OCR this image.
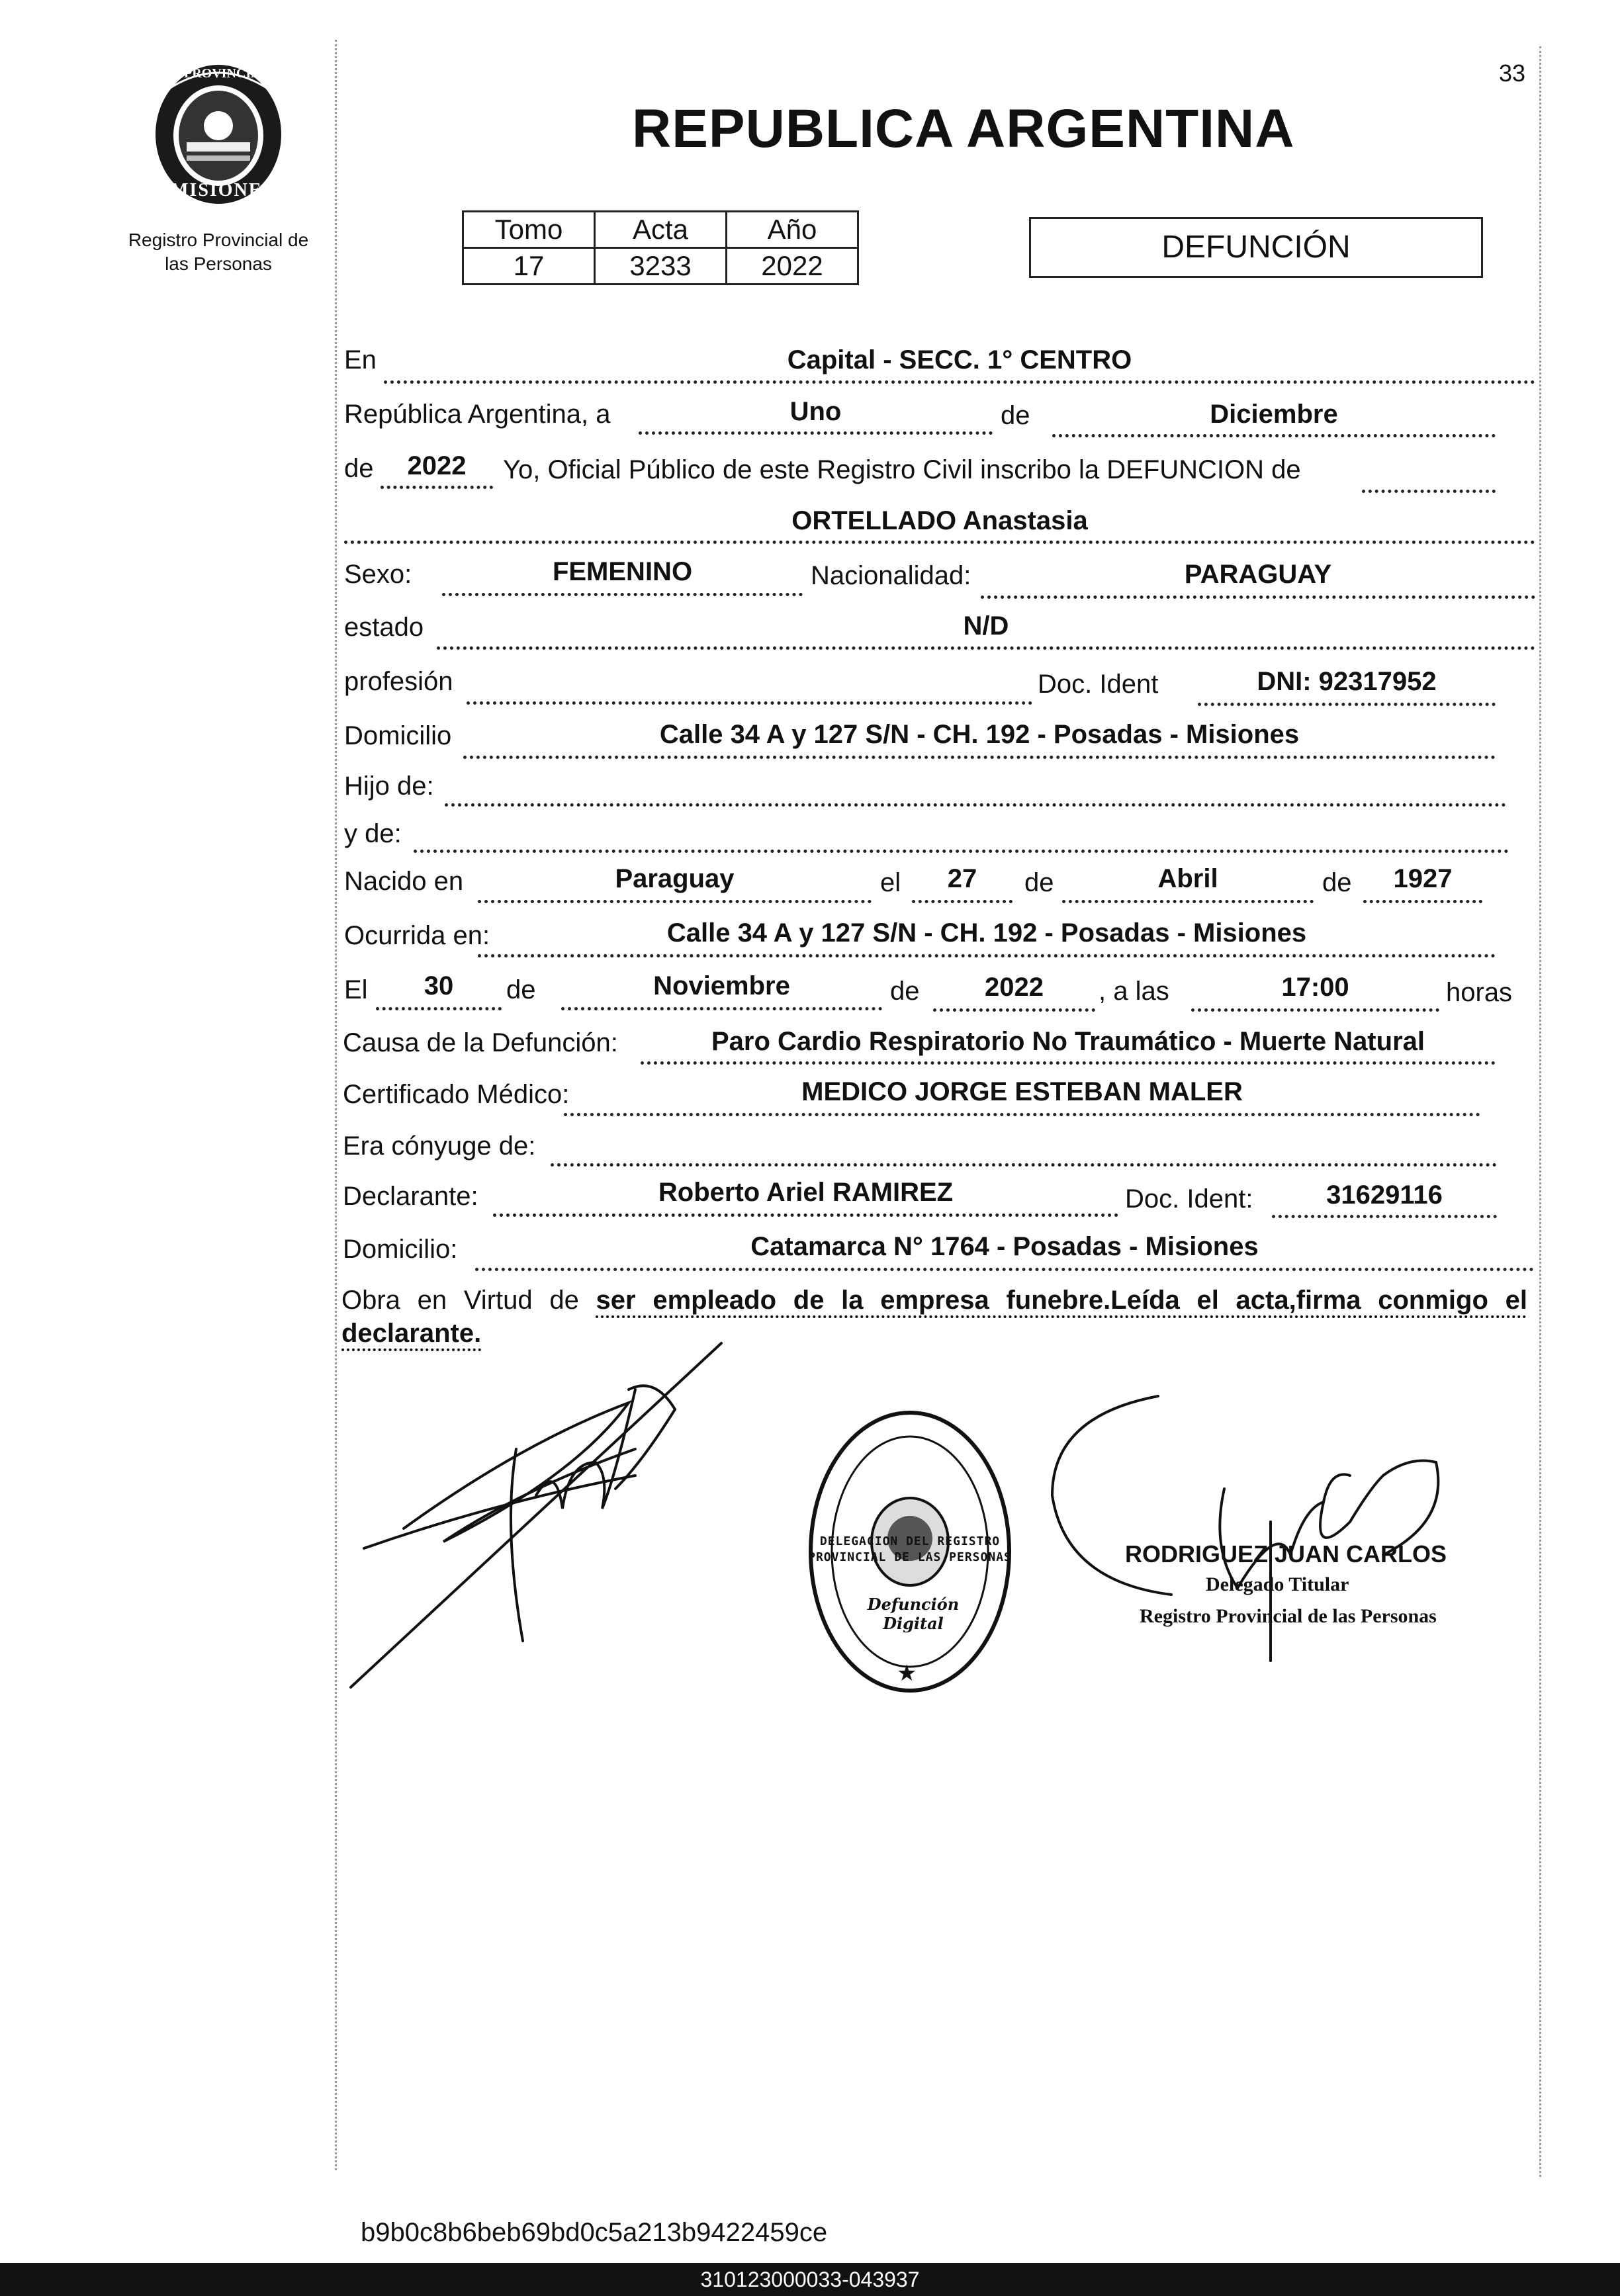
PROVINCIA DE
MISIONES
Registro Provincial de
las Personas
33
REPUBLICA ARGENTINA
Tomo	Acta	Año
17	3233	2022
DEFUNCIÓN
En	Capital - SECC. 1° CENTRO
República Argentina, a	Uno	de	Diciembre
de	2022	Yo, Oficial Público de este Registro Civil inscribo la DEFUNCION de
ORTELLADO Anastasia
Sexo:	FEMENINO	Nacionalidad:	PARAGUAY
estado	N/D
profesión	Doc. Ident	DNI: 92317952
Domicilio	Calle 34 A y 127 S/N - CH. 192 - Posadas - Misiones
Hijo de:
y de:
Nacido en	Paraguay	el	27	de	Abril	de	1927
Ocurrida en:	Calle 34 A y 127 S/N - CH. 192 - Posadas - Misiones
El	30	de	Noviembre	de	2022	, a las	17:00	horas
Causa de la Defunción:	Paro Cardio Respiratorio No Traumático - Muerte Natural
Certificado Médico:	MEDICO JORGE ESTEBAN MALER
Era cónyuge de:
Declarante:	Roberto Ariel RAMIREZ	Doc. Ident:	31629116
Domicilio:	Catamarca N° 1764 - Posadas - Misiones
Obra en Virtud de ser empleado de la empresa funebre.Leída el acta,firma conmigo el declarante.
★
DELEGACION DEL REGISTRO PROVINCIAL DE LAS PERSONAS
Defunción Digital
RODRIGUEZ JUAN CARLOS
Delegado Titular
Registro Provincial de las Personas
b9b0c8b6beb69bd0c5a213b9422459ce
310123000033-043937
